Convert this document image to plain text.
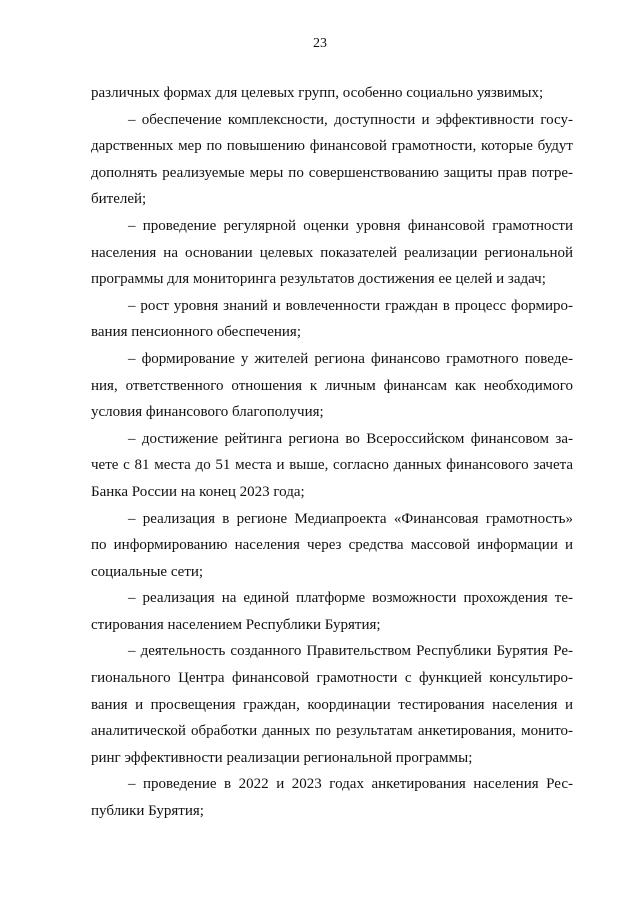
23
различных формах для целевых групп, особенно социально уязвимых;
– обеспечение комплексности, доступности и эффективности госу-
дарственных мер по повышению финансовой грамотности, которые будут
дополнять реализуемые меры по совершенствованию защиты прав потре-
бителей;
– проведение регулярной оценки уровня финансовой грамотности
населения на основании целевых показателей реализации региональной
программы для мониторинга результатов достижения ее целей и задач;
– рост уровня знаний и вовлеченности граждан в процесс формиро-
вания пенсионного обеспечения;
– формирование у жителей региона финансово грамотного поведе-
ния, ответственного отношения к личным финансам как необходимого
условия финансового благополучия;
– достижение рейтинга региона во Всероссийском финансовом за-
чете с 81 места до 51 места и выше, согласно данных финансового зачета
Банка России на конец 2023 года;
– реализация в регионе Медиапроекта «Финансовая грамотность»
по информированию населения через средства массовой информации и
социальные сети;
– реализация на единой платформе возможности прохождения те-
стирования населением Республики Бурятия;
– деятельность созданного Правительством Республики Бурятия Ре-
гионального Центра финансовой грамотности с функцией консультиро-
вания и просвещения граждан, координации тестирования населения и
аналитической обработки данных по результатам анкетирования, монито-
ринг эффективности реализации региональной программы;
– проведение в 2022 и 2023 годах анкетирования населения Рес-
публики Бурятия;
